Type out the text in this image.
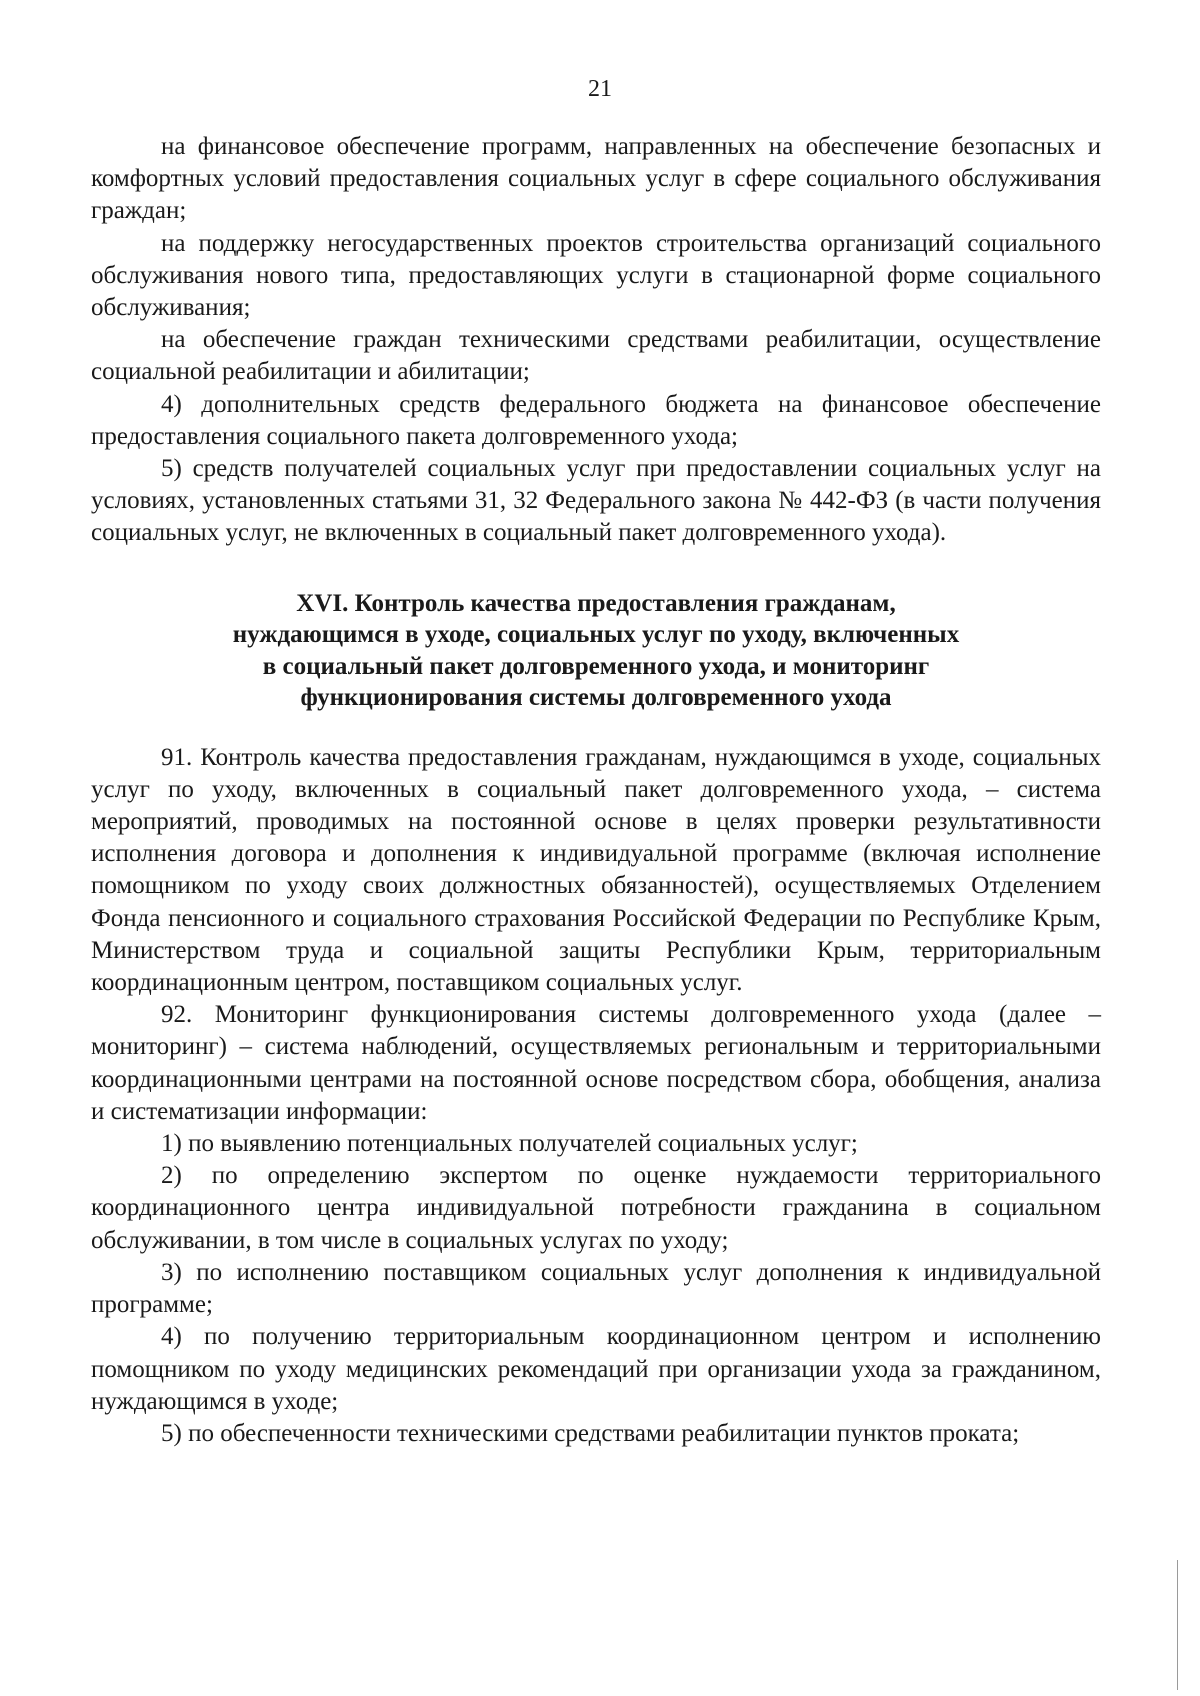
21

на финансовое обеспечение программ, направленных на обеспечение безопасных и комфортных условий предоставления социальных услуг в сфере социального обслуживания граждан;

на поддержку негосударственных проектов строительства организаций социального обслуживания нового типа, предоставляющих услуги в стационарной форме социального обслуживания;

на обеспечение граждан техническими средствами реабилитации, осуществление социальной реабилитации и абилитации;

4) дополнительных средств федерального бюджета на финансовое обеспечение предоставления социального пакета долговременного ухода;

5) средств получателей социальных услуг при предоставлении социальных услуг на условиях, установленных статьями 31, 32 Федерального закона № 442-ФЗ (в части получения социальных услуг, не включенных в социальный пакет долговременного ухода).

XVI. Контроль качества предоставления гражданам,
нуждающимся в уходе, социальных услуг по уходу, включенных
в социальный пакет долговременного ухода, и мониторинг
функционирования системы долговременного ухода

91. Контроль качества предоставления гражданам, нуждающимся в уходе, социальных услуг по уходу, включенных в социальный пакет долговременного ухода, – система мероприятий, проводимых на постоянной основе в целях проверки результативности исполнения договора и дополнения к индивидуальной программе (включая исполнение помощником по уходу своих должностных обязанностей), осуществляемых Отделением Фонда пенсионного и социального страхования Российской Федерации по Республике Крым, Министерством труда и социальной защиты Республики Крым, территориальным координационным центром, поставщиком социальных услуг.

92. Мониторинг функционирования системы долговременного ухода (далее – мониторинг) – система наблюдений, осуществляемых региональным и территориальными координационными центрами на постоянной основе посредством сбора, обобщения, анализа и систематизации информации:

1) по выявлению потенциальных получателей социальных услуг;

2) по определению экспертом по оценке нуждаемости территориального координационного центра индивидуальной потребности гражданина в социальном обслуживании, в том числе в социальных услугах по уходу;

3) по исполнению поставщиком социальных услуг дополнения к индивидуальной программе;

4) по получению территориальным координационном центром и исполнению помощником по уходу медицинских рекомендаций при организации ухода за гражданином, нуждающимся в уходе;

5) по обеспеченности техническими средствами реабилитации пунктов проката;
